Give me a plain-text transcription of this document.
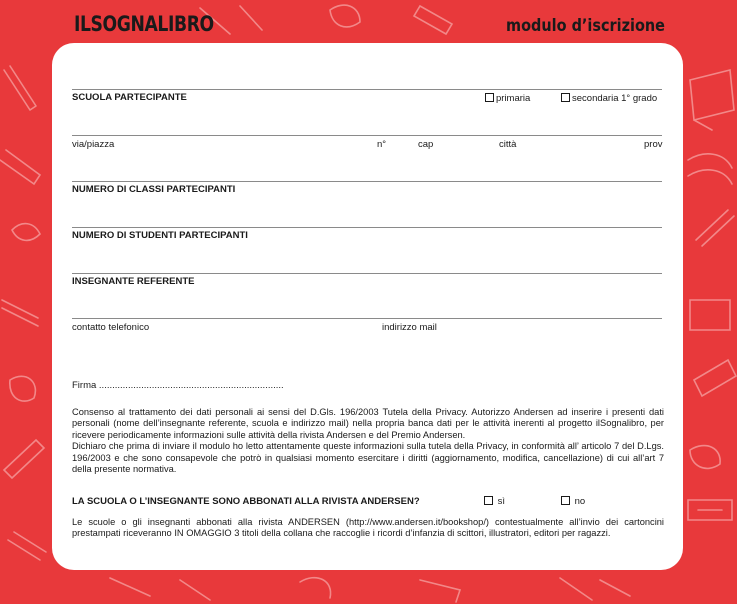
ILSOGNALIBRO	modulo d’iscrizione
SCUOLA PARTECIPANTE	primaria	secondaria 1° grado
via/piazza	n°	cap	città	prov
NUMERO DI CLASSI PARTECIPANTI
NUMERO DI STUDENTI PARTECIPANTI
INSEGNANTE REFERENTE
contatto telefonico	indirizzo mail
Firma ......................................................................

Consenso al trattamento dei dati personali ai sensi del D.Gls. 196/2003 Tutela della Privacy. Autorizzo Andersen ad inserire i presenti dati personali (nome dell’insegnante referente, scuola e indirizzo mail) nella propria banca dati per le attività inerenti al progetto ilSognalibro, per ricevere periodicamente informazioni sulle attività della rivista Andersen e del Premio Andersen.

Dichiaro che prima di inviare il modulo ho letto attentamente queste informazioni sulla tutela della Privacy, in conformità all’ articolo 7 del D.Lgs. 196/2003 e che sono consapevole che potrò in qualsiasi momento esercitare i diritti (aggiornamento, modifica, cancellazione) di cui all’art 7 della presente normativa.

LA SCUOLA O L’INSEGNANTE SONO ABBONATI ALLA RIVISTA ANDERSEN?	sì	no
Le scuole o gli insegnanti abbonati alla rivista ANDERSEN (http://www.andersen.it/bookshop/) contestualmente all’invio dei cartoncini prestampati riceveranno IN OMAGGIO 3 titoli della collana che raccoglie i ricordi d’infanzia di scittori, illustratori, editori per ragazzi.
